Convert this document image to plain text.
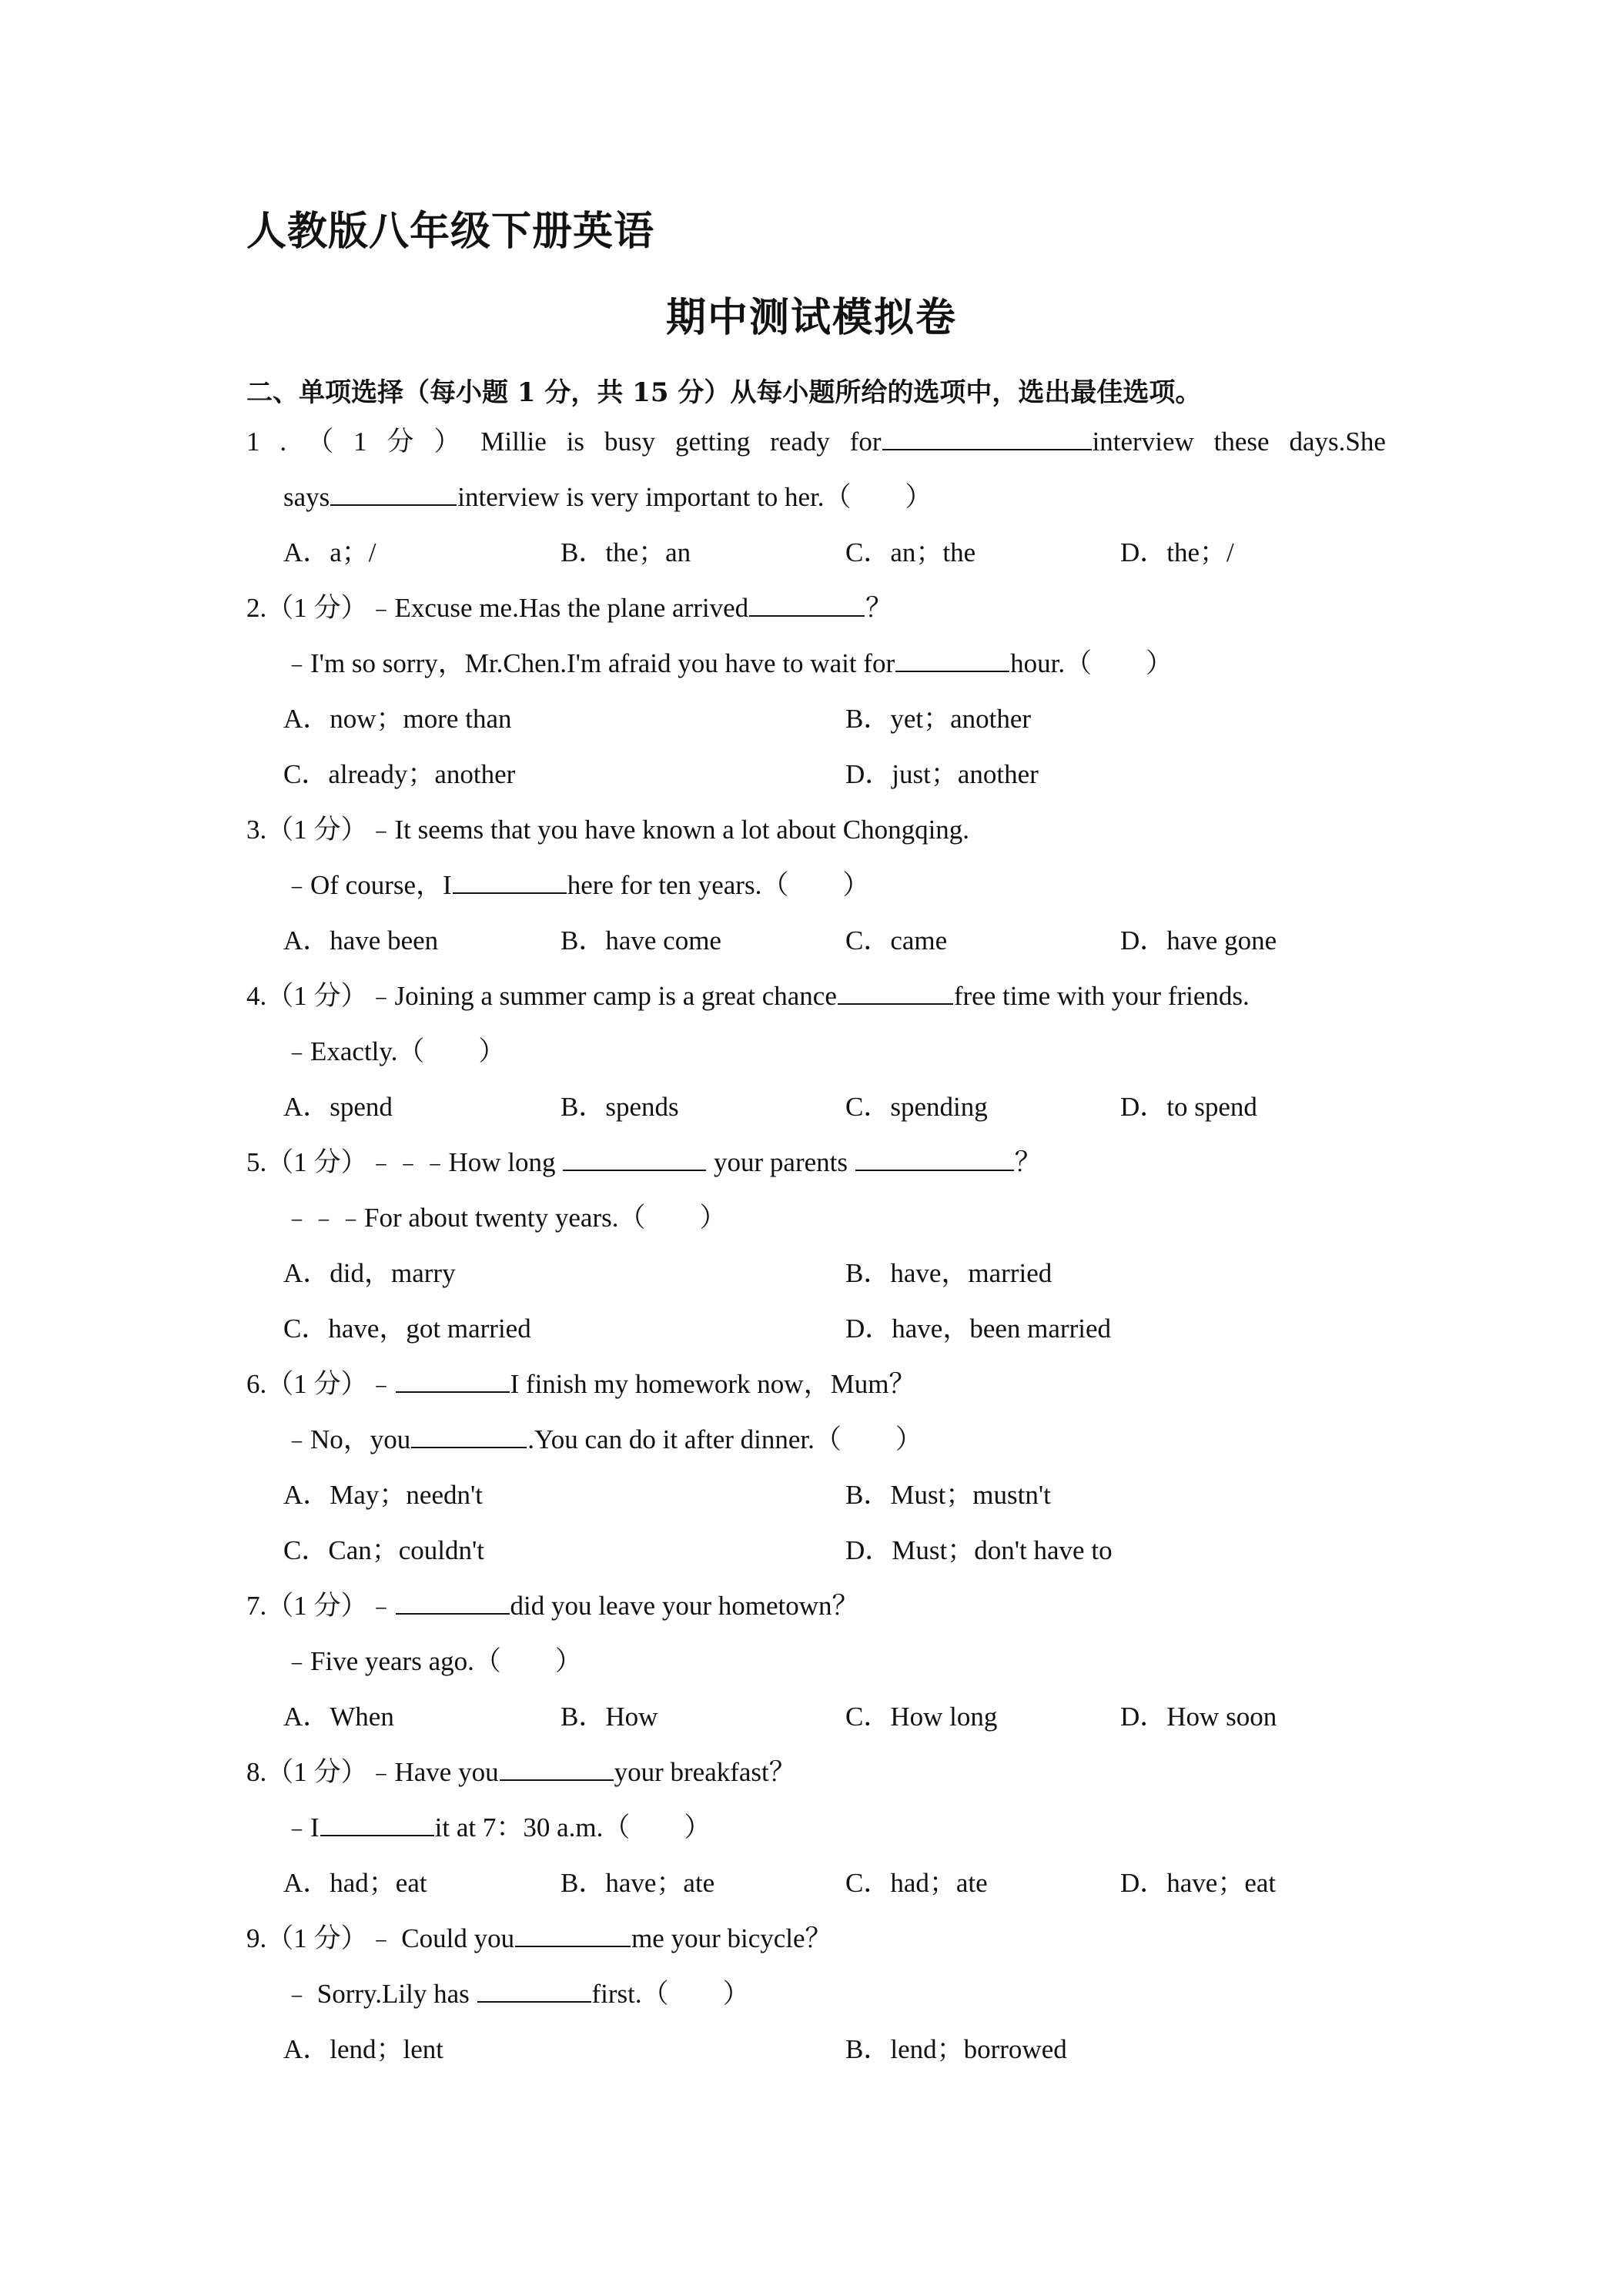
人教版八年级下册英语
期中测试模拟卷
二、单项选择（每小题 1 分，共 15 分）从每小题所给的选项中，选出最佳选项。
1 . （ 1 分 ） Millie is busy getting ready for	interview these days.She
says	interview is very important to her.（　　）
A．a；/	B．the；an	C．an；the	D．the；/
2.（1 分）﹣Excuse me.Has the plane arrived	？
﹣I'm so sorry，Mr.Chen.I'm afraid you have to wait for	hour.（　　）
A．now；more than	B．yet；another
C．already；another	D．just；another
3.（1 分）﹣It seems that you have known a lot about Chongqing.
﹣Of course，I	here for ten years.（　　）
A．have been	B．have come	C．came	D．have gone
4.（1 分）﹣Joining a summer camp is a great chance	free time with your friends.
﹣Exactly.（　　）
A．spend	B．spends	C．spending	D．to spend
5.（1 分）﹣﹣﹣How long	your parents	？
﹣﹣﹣For about twenty years.（　　）
A．did，marry	B．have，married
C．have，got married	D．have，been married
6.（1 分）﹣	I finish my homework now，Mum？
﹣No，you	.You can do it after dinner.（　　）
A．May；needn't	B．Must；mustn't
C．Can；couldn't	D．Must；don't have to
7.（1 分）﹣	did you leave your hometown？
﹣Five years ago.（　　）
A．When	B．How	C．How long	D．How soon
8.（1 分）﹣Have you	your breakfast？
﹣I	it at 7：30 a.m.（　　）
A．had；eat	B．have；ate	C．had；ate	D．have；eat
9.（1 分）﹣ Could you	me your bicycle？
﹣ Sorry.Lily has	first.（　　）
A．lend；lent	B．lend；borrowed
